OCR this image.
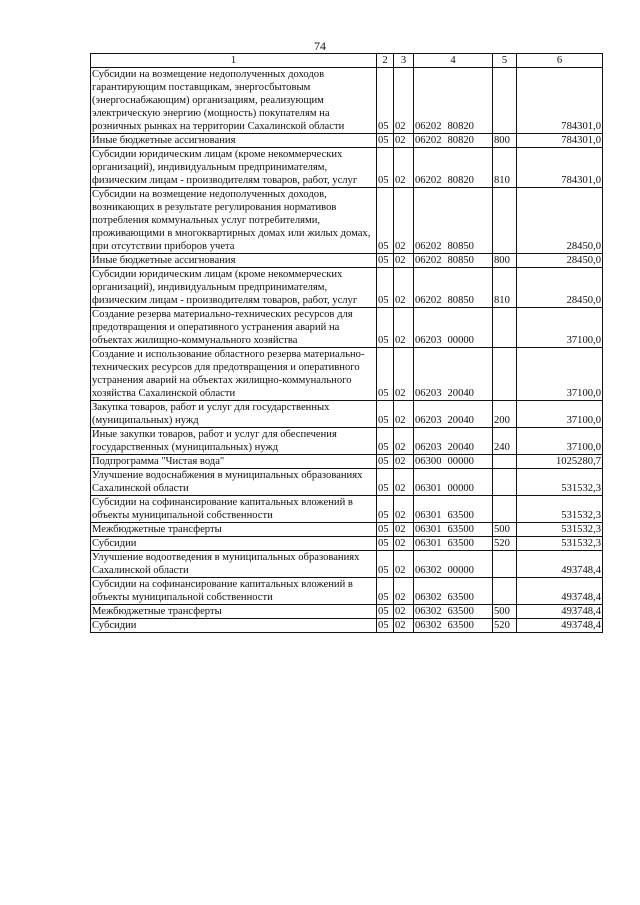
74
1	2	3	4	5	6
Субсидии на возмещение недополученных доходов гарантирующим поставщикам, энергосбытовым (энергоснабжающим) организациям, реализующим электрическую энергию (мощность) покупателям на розничных рынках на территории Сахалинской области	05	02	06202 80820		784301,0
Иные бюджетные ассигнования	05	02	06202 80820	800	784301,0
Субсидии юридическим лицам (кроме некоммерческих организаций), индивидуальным предпринимателям, физическим лицам - производителям товаров, работ, услуг	05	02	06202 80820	810	784301,0
Субсидии на возмещение недополученных доходов, возникающих в результате регулирования нормативов потребления коммунальных услуг потребителями, проживающими в многоквартирных домах или жилых домах, при отсутствии приборов учета	05	02	06202 80850		28450,0
Иные бюджетные ассигнования	05	02	06202 80850	800	28450,0
Субсидии юридическим лицам (кроме некоммерческих организаций), индивидуальным предпринимателям, физическим лицам - производителям товаров, работ, услуг	05	02	06202 80850	810	28450,0
Создание резерва материально-технических ресурсов для предотвращения и оперативного устранения аварий на объектах жилищно-коммунального хозяйства	05	02	06203 00000		37100,0
Создание и использование областного резерва материально-технических ресурсов для предотвращения и оперативного устранения аварий на объектах жилищно-коммунального хозяйства Сахалинской области	05	02	06203 20040		37100,0
Закупка товаров, работ и услуг для государственных (муниципальных) нужд	05	02	06203 20040	200	37100,0
Иные закупки товаров, работ и услуг для обеспечения государственных (муниципальных) нужд	05	02	06203 20040	240	37100,0
Подпрограмма "Чистая вода"	05	02	06300 00000		1025280,7
Улучшение водоснабжения в муниципальных образованиях Сахалинской области	05	02	06301 00000		531532,3
Субсидии на софинансирование капитальных вложений в объекты муниципальной собственности	05	02	06301 63500		531532,3
Межбюджетные трансферты	05	02	06301 63500	500	531532,3
Субсидии	05	02	06301 63500	520	531532,3
Улучшение водоотведения в муниципальных образованиях Сахалинской области	05	02	06302 00000		493748,4
Субсидии на софинансирование капитальных вложений в объекты муниципальной собственности	05	02	06302 63500		493748,4
Межбюджетные трансферты	05	02	06302 63500	500	493748,4
Субсидии	05	02	06302 63500	520	493748,4
